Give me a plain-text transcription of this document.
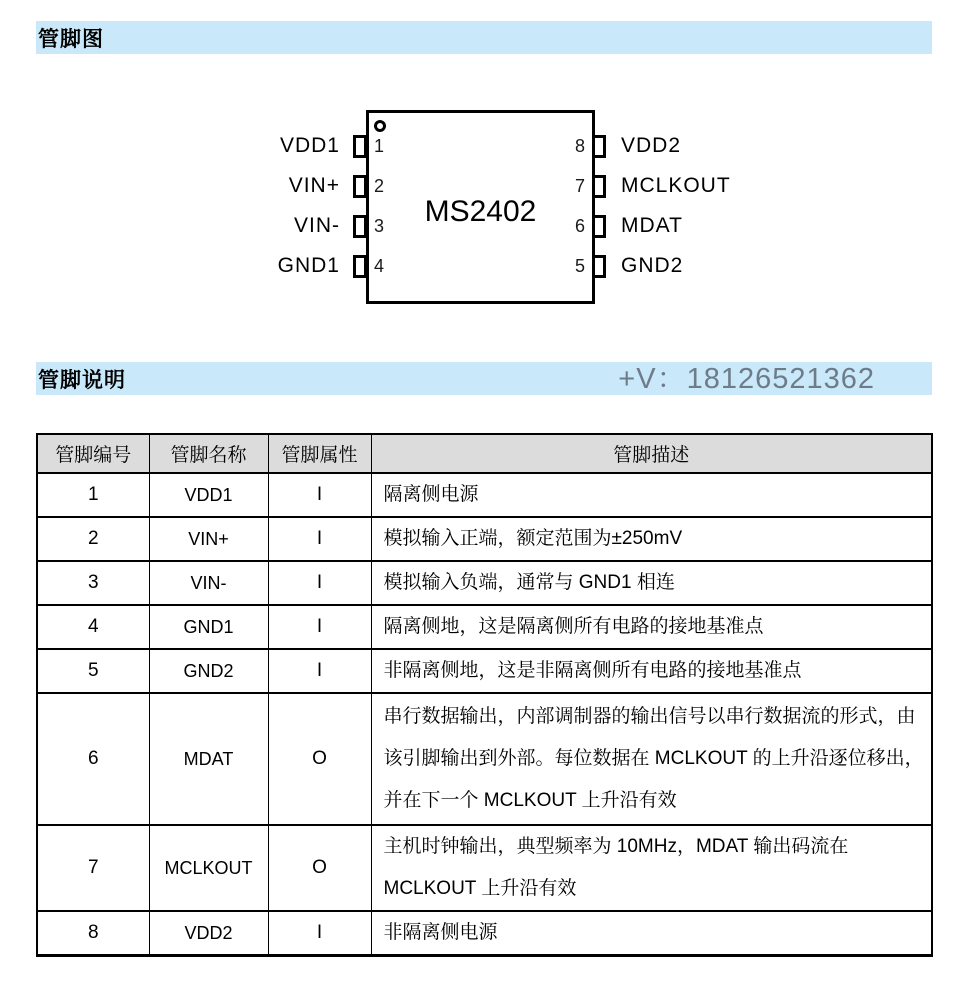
管脚图
MS2402
VDD1 1	8 VDD2
VIN+ 2	7 MCLKOUT
VIN- 3	6 MDAT
GND1 4	5 GND2
管脚说明	+V：18126521362
管脚编号	管脚名称	管脚属性	管脚描述
1	VDD1	I	隔离侧电源
2	VIN+	I	模拟输入正端，额定范围为±250mV
3	VIN-	I	模拟输入负端，通常与 GND1 相连
4	GND1	I	隔离侧地，这是隔离侧所有电路的接地基准点
5	GND2	I	非隔离侧地，这是非隔离侧所有电路的接地基准点
6	MDAT	O	串行数据输出，内部调制器的输出信号以串行数据流的形式，由该引脚输出到外部。每位数据在 MCLKOUT 的上升沿逐位移出，并在下一个 MCLKOUT 上升沿有效
7	MCLKOUT	O	主机时钟输出，典型频率为 10MHz，MDAT 输出码流在 MCLKOUT 上升沿有效
8	VDD2	I	非隔离侧电源
